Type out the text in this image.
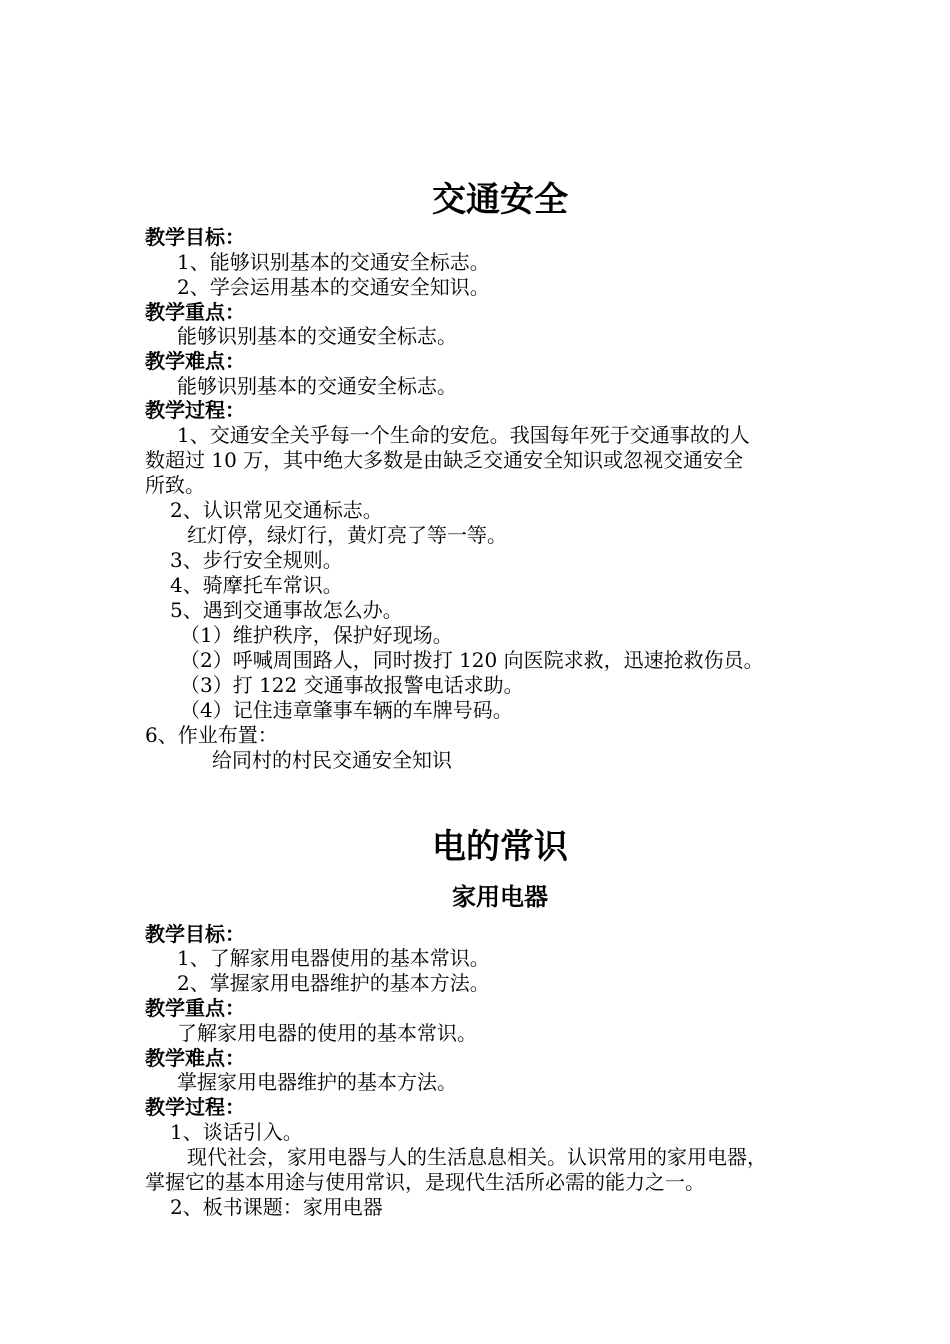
交通安全
教学目标：
1、能够识别基本的交通安全标志。
2、学会运用基本的交通安全知识。
教学重点：
能够识别基本的交通安全标志。
教学难点：
能够识别基本的交通安全标志。
教学过程：
1、交通安全关乎每一个生命的安危。我国每年死于交通事故的人
数超过 10 万，其中绝大多数是由缺乏交通安全知识或忽视交通安全
所致。
2、认识常见交通标志。
红灯停，绿灯行，黄灯亮了等一等。
3、步行安全规则。
4、骑摩托车常识。
5、遇到交通事故怎么办。
（1）维护秩序，保护好现场。
（2）呼喊周围路人，同时拨打 120 向医院求救，迅速抢救伤员。
（3）打 122 交通事故报警电话求助。
（4）记住违章肇事车辆的车牌号码。
6、作业布置：
给同村的村民交通安全知识
电的常识
家用电器
教学目标：
1、了解家用电器使用的基本常识。
2、掌握家用电器维护的基本方法。
教学重点：
了解家用电器的使用的基本常识。
教学难点：
掌握家用电器维护的基本方法。
教学过程：
1、谈话引入。
现代社会，家用电器与人的生活息息相关。认识常用的家用电器，
掌握它的基本用途与使用常识，是现代生活所必需的能力之一。
2、板书课题：家用电器
